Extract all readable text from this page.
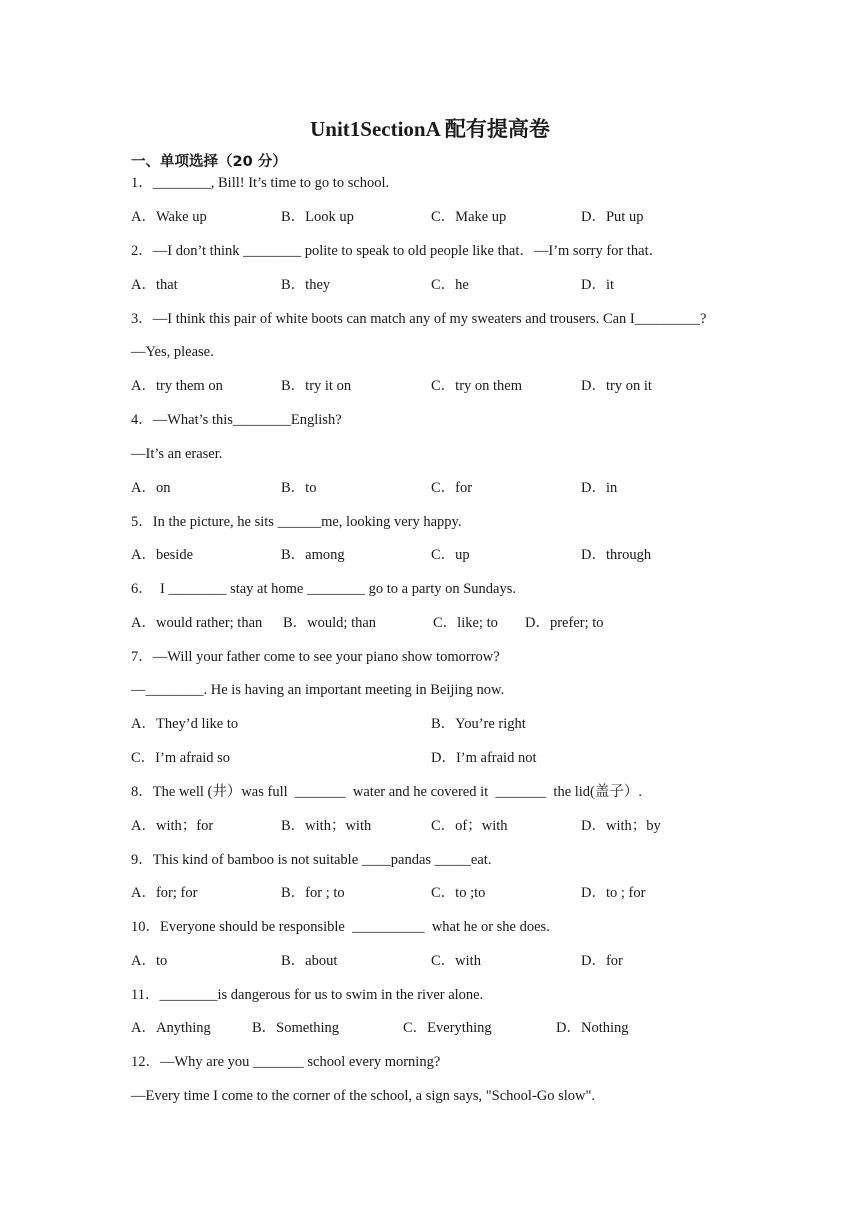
Unit1SectionA 配有提高卷
一、单项选择（20 分）
1．________, Bill! It’s time to go to school.
A．Wake up	B．Look up	C．Make up	D．Put up
2．—I don’t think ________ polite to speak to old people like that．—I’m sorry for that．
A．that	B．they	C．he	D．it
3．—I think this pair of white boots can match any of my sweaters and trousers. Can I_________?
—Yes, please.
A．try them on	B．try it on	C．try on them	D．try on it
4．—What’s this________English?
—It’s an eraser.
A．on	B．to	C．for	D．in
5．In the picture, he sits ______me, looking very happy.
A．beside	B．among	C．up	D．through
6．  I ________ stay at home ________ go to a party on Sundays.
A．would rather; than B．would; than	C．like; to D．prefer; to
7．—Will your father come to see your piano show tomorrow?
—________. He is having an important meeting in Beijing now.
A．They’d like to	B．You’re right
C．I’m afraid so	D．I’m afraid not
8．The well (井）was full  _______  water and he covered it  _______  the lid(盖子）.
A．with；for	B．with；with	C．of；with	D．with；by
9．This kind of bamboo is not suitable ____pandas _____eat.
A．for; for	B．for ; to	C．to ;to	D．to ; for
10．Everyone should be responsible  __________  what he or she does.
A．to	B．about	C．with	D．for
11．________is dangerous for us to swim in the river alone.
A．Anything	B．Something	C．Everything	D．Nothing
12．—Why are you _______ school every morning?
—Every time I come to the corner of the school, a sign says, "School-Go slow".
